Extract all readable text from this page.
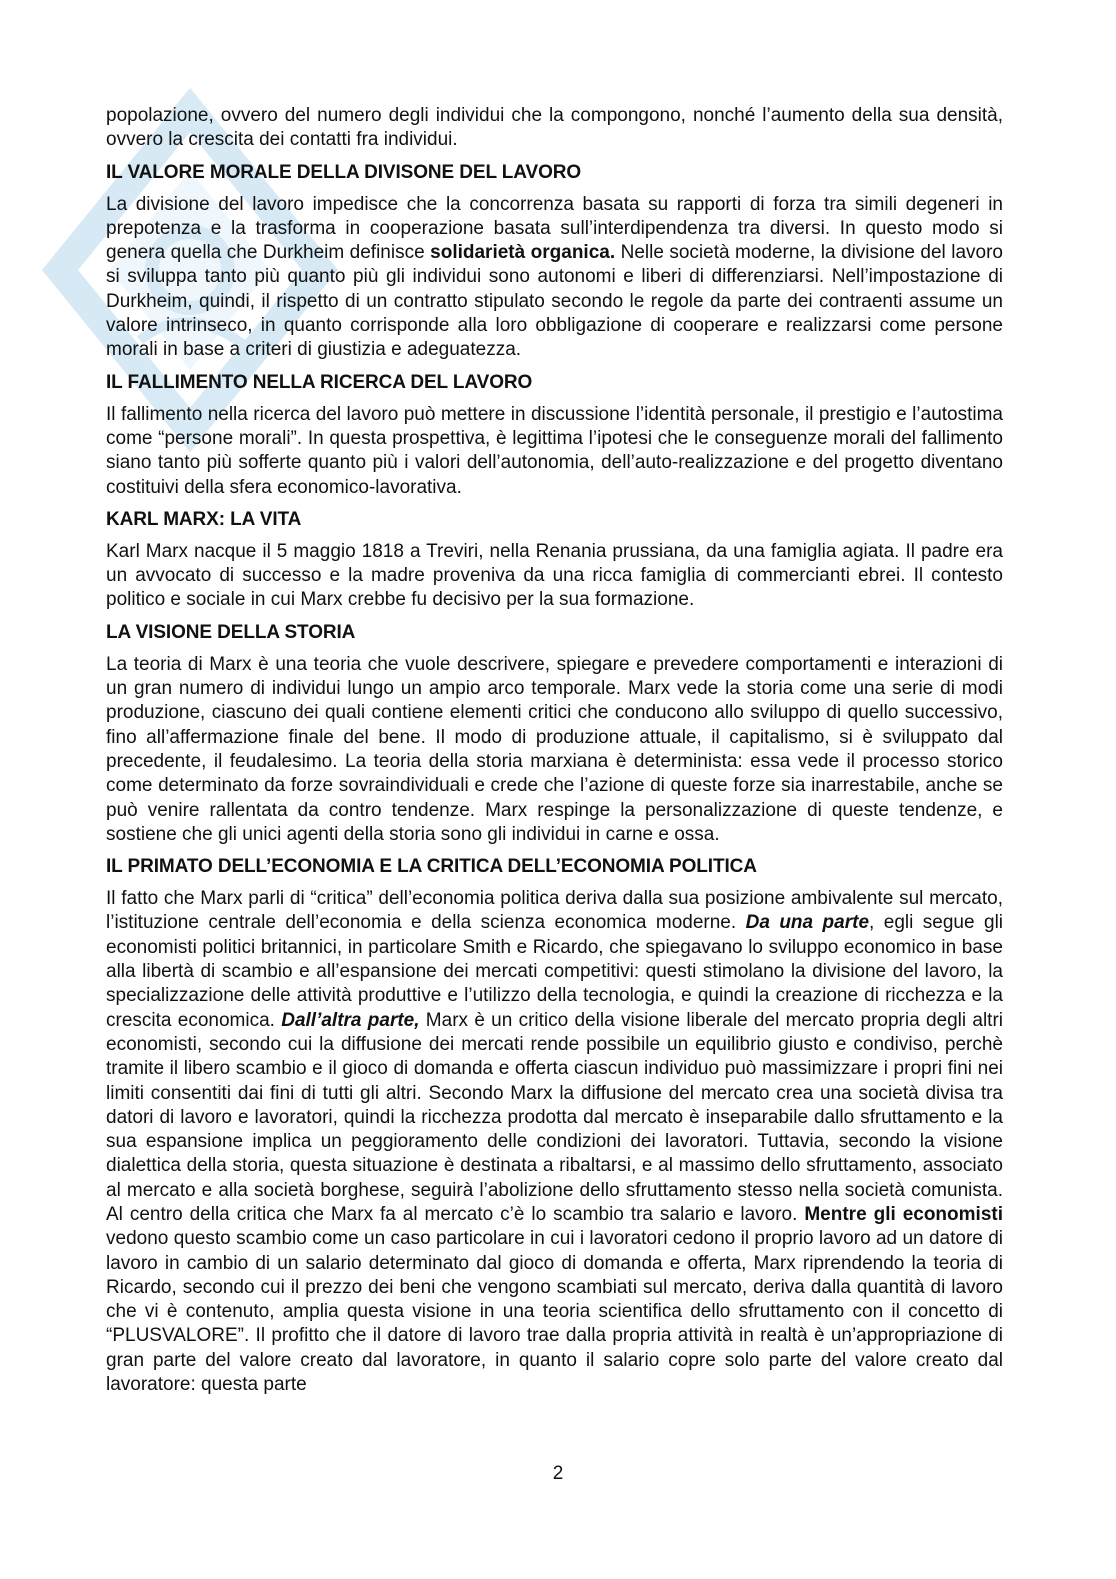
popolazione, ovvero del numero degli individui che la compongono, nonché l’aumento della sua densità, ovvero la crescita dei contatti fra individui.

IL VALORE MORALE DELLA DIVISONE DEL LAVORO

La divisione del lavoro impedisce che la concorrenza basata su rapporti di forza tra simili degeneri in prepotenza e la trasforma in cooperazione basata sull’interdipendenza tra diversi. In questo modo si genera quella che Durkheim definisce solidarietà organica. Nelle società moderne, la divisione del lavoro si sviluppa tanto più quanto più gli individui sono autonomi e liberi di differenziarsi. Nell’impostazione di Durkheim, quindi, il rispetto di un contratto stipulato secondo le regole da parte dei contraenti assume un valore intrinseco, in quanto corrisponde alla loro obbligazione di cooperare e realizzarsi come persone morali in base a criteri di giustizia e adeguatezza.

IL FALLIMENTO NELLA RICERCA DEL LAVORO

Il fallimento nella ricerca del lavoro può mettere in discussione l’identità personale, il prestigio e l’autostima come “persone morali”. In questa prospettiva, è legittima l’ipotesi che le conseguenze morali del fallimento siano tanto più sofferte quanto più i valori dell’autonomia, dell’auto-realizzazione e del progetto diventano costituivi della sfera economico-lavorativa.

KARL MARX: LA VITA

Karl Marx nacque il 5 maggio 1818 a Treviri, nella Renania prussiana, da una famiglia agiata. Il padre era un avvocato di successo e la madre proveniva da una ricca famiglia di commercianti ebrei. Il contesto politico e sociale in cui Marx crebbe fu decisivo per la sua formazione.

LA VISIONE DELLA STORIA

La teoria di Marx è una teoria che vuole descrivere, spiegare e prevedere comportamenti e interazioni di un gran numero di individui lungo un ampio arco temporale. Marx vede la storia come una serie di modi produzione, ciascuno dei quali contiene elementi critici che conducono allo sviluppo di quello successivo, fino all’affermazione finale del bene. Il modo di produzione attuale, il capitalismo, si è sviluppato dal precedente, il feudalesimo. La teoria della storia marxiana è determinista: essa vede il processo storico come determinato da forze sovraindividuali e crede che l’azione di queste forze sia inarrestabile, anche se può venire rallentata da contro tendenze. Marx respinge la personalizzazione di queste tendenze, e sostiene che gli unici agenti della storia sono gli individui in carne e ossa.

IL PRIMATO DELL’ECONOMIA E LA CRITICA DELL’ECONOMIA POLITICA

Il fatto che Marx parli di “critica” dell’economia politica deriva dalla sua posizione ambivalente sul mercato, l’istituzione centrale dell’economia e della scienza economica moderne. Da una parte, egli segue gli economisti politici britannici, in particolare Smith e Ricardo, che spiegavano lo sviluppo economico in base alla libertà di scambio e all’espansione dei mercati competitivi: questi stimolano la divisione del lavoro, la specializzazione delle attività produttive e l’utilizzo della tecnologia, e quindi la creazione di ricchezza e la crescita economica. Dall’altra parte, Marx è un critico della visione liberale del mercato propria degli altri economisti, secondo cui la diffusione dei mercati rende possibile un equilibrio giusto e condiviso, perchè tramite il libero scambio e il gioco di domanda e offerta ciascun individuo può massimizzare i propri fini nei limiti consentiti dai fini di tutti gli altri. Secondo Marx la diffusione del mercato crea una società divisa tra datori di lavoro e lavoratori, quindi la ricchezza prodotta dal mercato è inseparabile dallo sfruttamento e la sua espansione implica un peggioramento delle condizioni dei lavoratori. Tuttavia, secondo la visione dialettica della storia, questa situazione è destinata a ribaltarsi, e al massimo dello sfruttamento, associato al mercato e alla società borghese, seguirà l’abolizione dello sfruttamento stesso nella società comunista. Al centro della critica che Marx fa al mercato c’è lo scambio tra salario e lavoro. Mentre gli economisti vedono questo scambio come un caso particolare in cui i lavoratori cedono il proprio lavoro ad un datore di lavoro in cambio di un salario determinato dal gioco di domanda e offerta, Marx riprendendo la teoria di Ricardo, secondo cui il prezzo dei beni che vengono scambiati sul mercato, deriva dalla quantità di lavoro che vi è contenuto, amplia questa visione in una teoria scientifica dello sfruttamento con il concetto di “PLUSVALORE”. Il profitto che il datore di lavoro trae dalla propria attività in realtà è un’appropriazione di gran parte del valore creato dal lavoratore, in quanto il salario copre solo parte del valore creato dal lavoratore: questa parte

2
